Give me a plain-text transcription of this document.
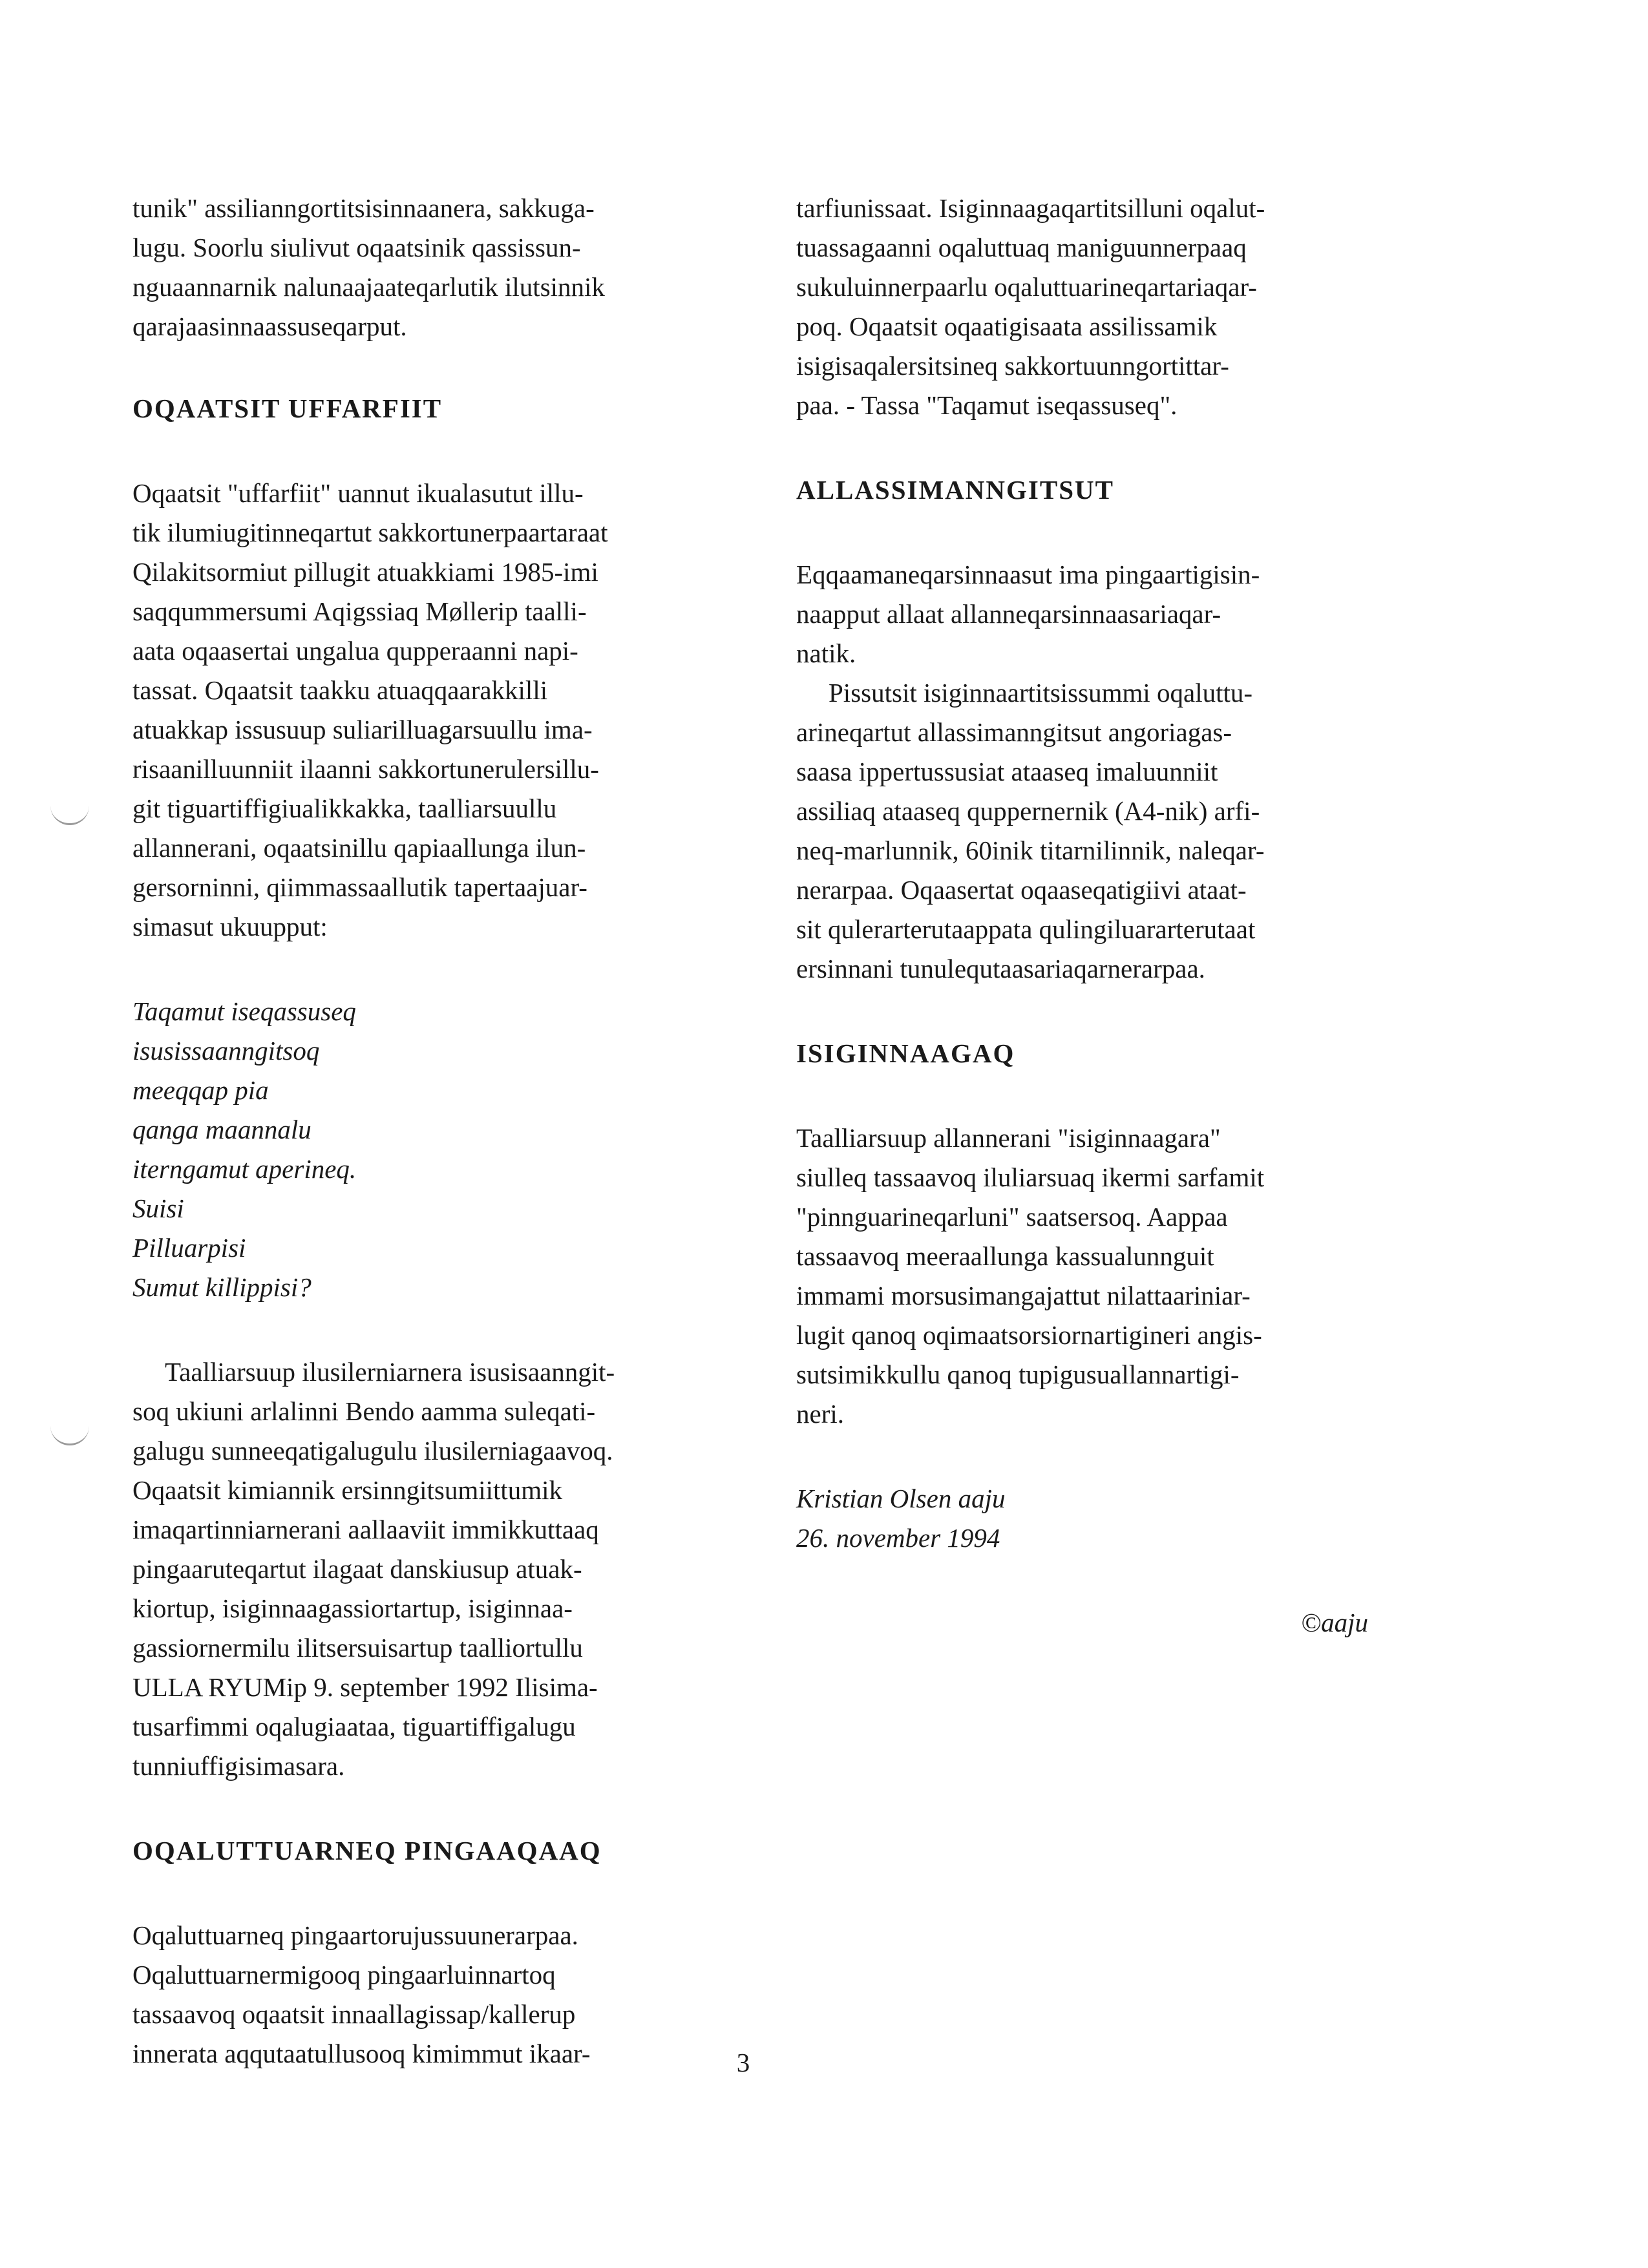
tunik" assilianngortitsisinnaanera, sakkuga-
lugu. Soorlu siulivut oqaatsinik qassissun-
nguaannarnik nalunaajaateqarlutik ilutsinnik
qarajaasinnaassuseqarput.
OQAATSIT UFFARFIIT
Oqaatsit "uffarfiit" uannut ikualasutut illu-
tik ilumiugitinneqartut sakkortunerpaartaraat
Qilakitsormiut pillugit atuakkiami 1985-imi
saqqummersumi Aqigssiaq Møllerip taalli-
aata oqaasertai ungalua qupperaanni napi-
tassat. Oqaatsit taakku atuaqqaarakkilli
atuakkap issusuup suliarilluagarsuullu ima-
risaanilluunniit ilaanni sakkortunerulersillu-
git tiguartiffigiualikkakka, taalliarsuullu
allannerani, oqaatsinillu qapiaallunga ilun-
gersorninni, qiimmassaallutik tapertaajuar-
simasut ukuupput:
Taqamut iseqassuseq
isusissaanngitsoq
meeqqap pia
qanga maannalu
iterngamut aperineq.
Suisi
Pilluarpisi
Sumut killippisi?
Taalliarsuup ilusilerniarnera isusisaanngit-
soq ukiuni arlalinni Bendo aamma suleqati-
galugu sunneeqatigalugulu ilusilerniagaavoq.
Oqaatsit kimiannik ersinngitsumiittumik
imaqartinniarnerani aallaaviit immikkuttaaq
pingaaruteqartut ilagaat danskiusup atuak-
kiortup, isiginnaagassiortartup, isiginnaa-
gassiornermilu ilitsersuisartup taalliortullu
ULLA RYUMip 9. september 1992 Ilisima-
tusarfimmi oqalugiaataa, tiguartiffigalugu
tunniuffigisimasara.
OQALUTTUARNEQ PINGAAQAAQ
Oqaluttuarneq pingaartorujussuunerarpaa.
Oqaluttuarnermigooq pingaarluinnartoq
tassaavoq oqaatsit innaallagissap/kallerup
innerata aqqutaatullusooq kimimmut ikaar-
tarfiunissaat. Isiginnaagaqartitsilluni oqalut-
tuassagaanni oqaluttuaq maniguunnerpaaq
sukuluinnerpaarlu oqaluttuarineqartariaqar-
poq. Oqaatsit oqaatigisaata assilissamik
isigisaqalersitsineq sakkortuunngortittar-
paa. - Tassa "Taqamut iseqassuseq".
ALLASSIMANNGITSUT
Eqqaamaneqarsinnaasut ima pingaartigisin-
naapput allaat allanneqarsinnaasariaqar-
natik.
Pissutsit isiginnaartitsissummi oqaluttu-
arineqartut allassimanngitsut angoriagas-
saasa ippertussusiat ataaseq imaluunniit
assiliaq ataaseq quppernernik (A4-nik) arfi-
neq-marlunnik, 60inik titarnilinnik, naleqar-
nerarpaa. Oqaasertat oqaaseqatigiivi ataat-
sit qulerarterutaappata qulingiluararterutaat
ersinnani tunulequtaasariaqarnerarpaa.
ISIGINNAAGAQ
Taalliarsuup allannerani "isiginnaagara"
siulleq tassaavoq iluliarsuaq ikermi sarfamit
"pinnguarineqarluni" saatsersoq. Aappaa
tassaavoq meeraallunga kassualunnguit
immami morsusimangajattut nilattaariniar-
lugit qanoq oqimaatsorsiornartigineri angis-
sutsimikkullu qanoq tupigusuallannartigi-
neri.
Kristian Olsen aaju
26. november 1994
©aaju
3
